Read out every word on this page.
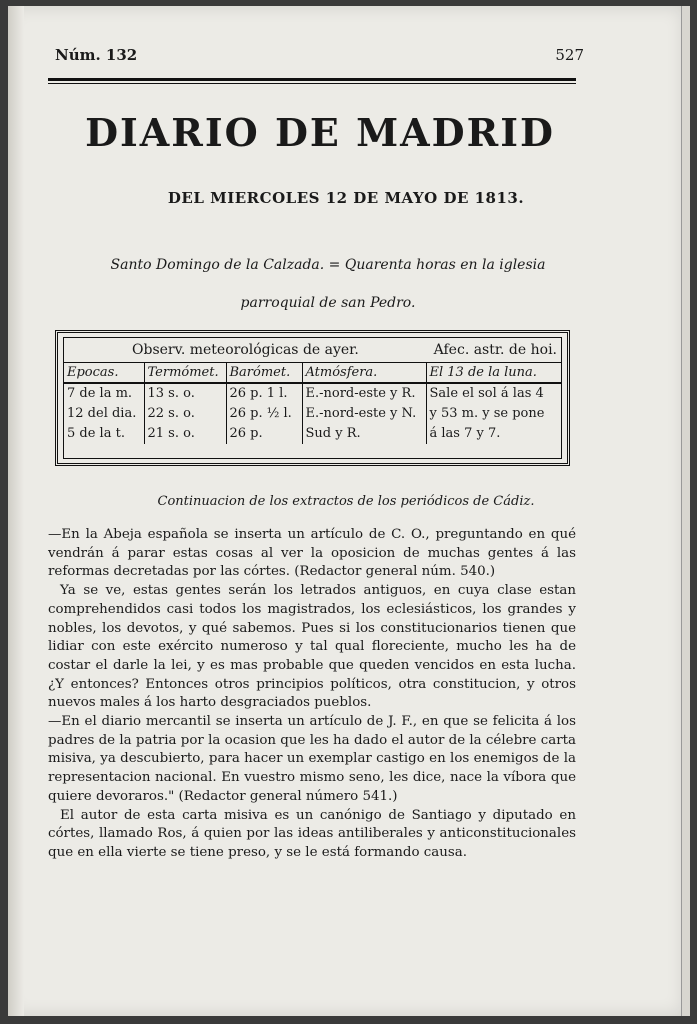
Núm. 132	527
DIARIO DE MADRID
DEL MIERCOLES 12 DE MAYO DE 1813.
Santo Domingo de la Calzada. = Quarenta horas en la iglesia
parroquial de san Pedro.
Observ. meteorológicas de ayer.	Afec. astr. de hoi.
Epocas.	Termómet.	Barómet.	Atmósfera.	El 13 de la luna.
7 de la m.	13 s. o.	26 p. 1 l.	E.-nord-este y R.	Sale el sol á las 4
12 del dia.	22 s. o.	26 p. ½ l.	E.-nord-este y N.	y 53 m. y se pone
5 de la t.	21 s. o.	26 p.	Sud y R.	á las 7 y 7.
Continuacion de los extractos de los periódicos de Cádiz.

—En la Abeja española se inserta un artículo de C. O., preguntando en qué vendrán á parar estas cosas al ver la oposicion de muchas gentes á las reformas decretadas por las córtes. (Redactor general núm. 540.)

Ya se ve, estas gentes serán los letrados antiguos, en cuya clase estan comprehendidos casi todos los magistrados, los eclesiásticos, los grandes y nobles, los devotos, y qué sabemos. Pues si los constitucionarios tienen que lidiar con este exército numeroso y tal qual floreciente, mucho les ha de costar el darle la lei, y es mas probable que queden vencidos en esta lucha. ¿Y entonces? Entonces otros principios políticos, otra constitucion, y otros nuevos males á los harto desgraciados pueblos.

—En el diario mercantil se inserta un artículo de J. F., en que se felicita á los padres de la patria por la ocasion que les ha dado el autor de la célebre carta misiva, ya descubierto, para hacer un exemplar castigo en los enemigos de la representacion nacional. En vuestro mismo seno, les dice, nace la víbora que quiere devoraros." (Redactor general número 541.)

El autor de esta carta misiva es un canónigo de Santiago y diputado en córtes, llamado Ros, á quien por las ideas antiliberales y anticonstitucionales que en ella vierte se tiene preso, y se le está formando causa.
